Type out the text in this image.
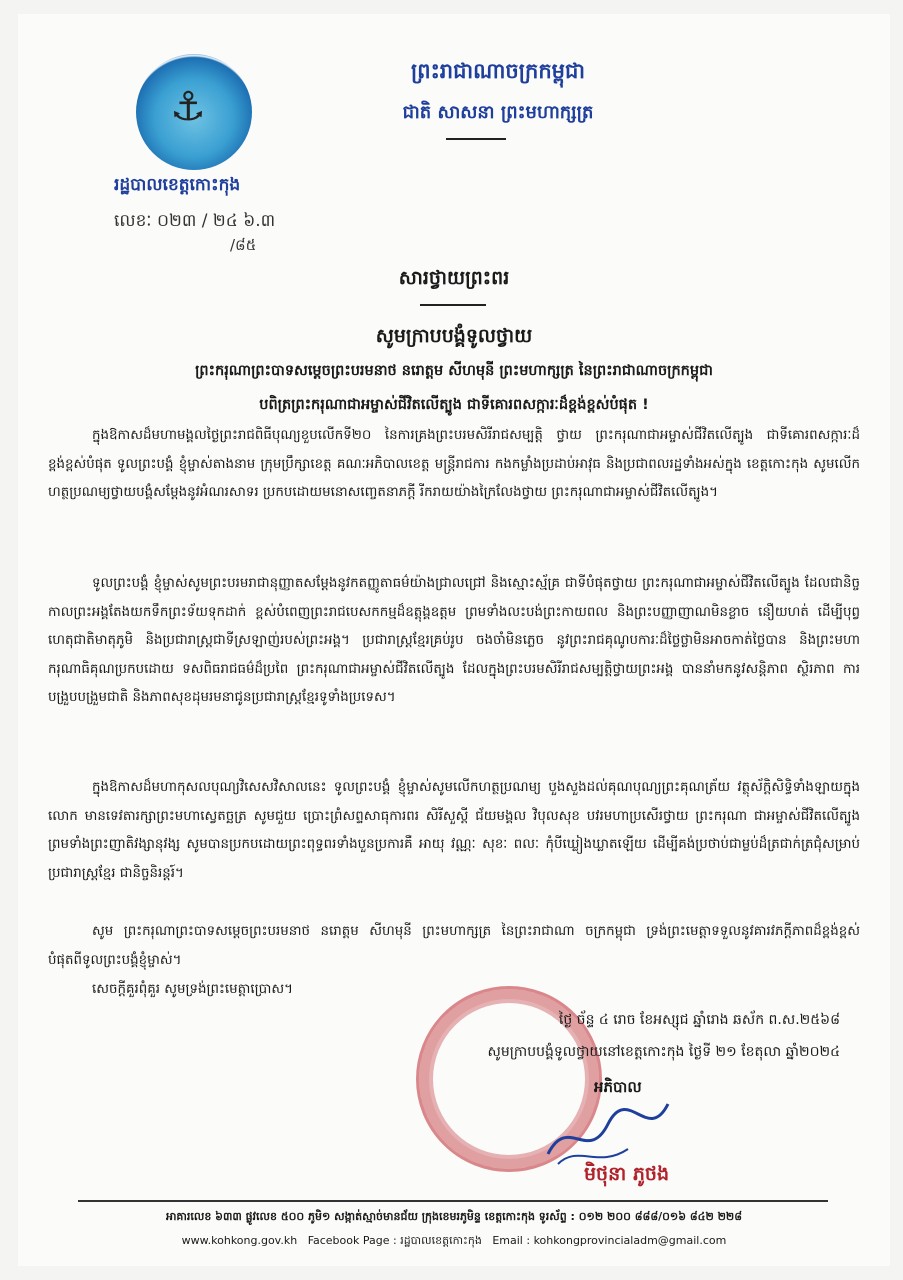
⚓
ព្រះរាជាណាចក្រកម្ពុជា
ជាតិ សាសនា ព្រះមហាក្សត្រ
រដ្ឋបាលខេត្តកោះកុង
លេខៈ ០២៣ / ២៤ ៦.៣
/៨៥
សារថ្វាយព្រះពរ
សូមក្រាបបង្គំទូលថ្វាយ
ព្រះករុណាព្រះបាទសម្តេចព្រះបរមនាថ នរោត្តម សីហមុនី ព្រះមហាក្សត្រ នៃព្រះរាជាណាចក្រកម្ពុជា
បពិត្រព្រះករុណាជាអម្ចាស់ជីវិតលើត្បូង ជាទីគោរពសក្ការៈដ៏ខ្ពង់ខ្ពស់បំផុត !
ក្នុងឱកាសដ៏មហាមង្គលថ្ងៃព្រះរាជពិធីបុណ្យខួបលើកទី២០ នៃការគ្រងព្រះបរមសិរីរាជសម្បត្តិ ថ្វាយ ព្រះករុណាជាអម្ចាស់ជីវិតលើត្បូង ជាទីគោរពសក្ការៈដ៏ខ្ពង់ខ្ពស់បំផុត ទូលព្រះបង្គំ ខ្ញុំម្ចាស់តាងនាម ក្រុមប្រឹក្សាខេត្ត គណៈអភិបាលខេត្ត មន្ត្រីរាជការ កងកម្លាំងប្រដាប់អាវុធ និងប្រជាពលរដ្ឋទាំងអស់ក្នុង ខេត្តកោះកុង សូមលើកហត្ថប្រណម្យថ្វាយបង្គំសម្តែងនូវអំណរសាទរ ប្រកបដោយមនោសញ្ចេតនាភក្ដី រីករាយយ៉ាងក្រៃលែងថ្វាយ ព្រះករុណាជាអម្ចាស់ជីវិតលើត្បូង។
ទូលព្រះបង្គំ ខ្ញុំម្ចាស់សូមព្រះបរមរាជានុញ្ញាតសម្តែងនូវកតញ្ញូតាធម៌យ៉ាងជ្រាលជ្រៅ និងស្មោះស្ម័គ្រ ជាទីបំផុតថ្វាយ ព្រះករុណាជាអម្ចាស់ជីវិតលើត្បូង ដែលជានិច្ចកាលព្រះអង្គតែងយកទឹកព្រះទ័យទុកដាក់ ខ្ពស់បំពេញព្រះរាជបេសកកម្មដ៏ឧត្តុង្គឧត្តម ព្រមទាំងលះបង់ព្រះកាយពល និងព្រះបញ្ញាញាណមិនខ្លាច នឿយហត់ ដើម្បីបុព្វហេតុជាតិមាតុភូមិ និងប្រជារាស្ត្រជាទីស្រឡាញ់របស់ព្រះអង្គ។ ប្រជារាស្ត្រខ្មែរគ្រប់រូប ចងចាំមិនភ្លេច នូវព្រះរាជគុណូបការៈដ៏ថ្លៃថ្លាមិនអាចកាត់ថ្លៃបាន និងព្រះមហាករុណាធិគុណប្រកបដោយ ទសពិធរាជធម៌ដ៏ប្រពៃ ព្រះករុណាជាអម្ចាស់ជីវិតលើត្បូង ដែលក្នុងព្រះបរមសិរីរាជសម្បត្តិថ្វាយព្រះអង្គ បាននាំមកនូវសន្តិភាព ស្ថិរភាព ការបង្រួបបង្រួមជាតិ និងភាពសុខដុមរមនាជូនប្រជារាស្ត្រខ្មែរទូទាំងប្រទេស។
ក្នុងឱកាសដ៏មហាកុសលបុណ្យវិសេសវិសាលនេះ ទូលព្រះបង្គំ ខ្ញុំម្ចាស់សូមលើកហត្ថប្រណម្យ បួងសួងដល់គុណបុណ្យព្រះគុណត្រ័យ វត្ថុស័ក្តិសិទ្ធិទាំងឡាយក្នុងលោក មានទេវតារក្សាព្រះមហាស្វេតច្ឆត្រ សូមជួយ ប្រោះព្រំសព្ទសាធុការពរ សិរីសួស្តី ជ័យមង្គល វិបុលសុខ បវរមហាប្រសើរថ្វាយ ព្រះករុណា ជាអម្ចាស់ជីវិតលើត្បូង ព្រមទាំងព្រះញាតិវង្សានុវង្ស សូមបានប្រកបដោយព្រះពុទ្ធពរទាំងបួនប្រការគឺ អាយុ វណ្ណៈ សុខៈ ពលៈ កុំបីឃ្លៀងឃ្លាតឡើយ ដើម្បីគង់ប្រថាប់ជាម្លប់ដ៏ត្រជាក់ត្រជុំសម្រាប់ប្រជារាស្ត្រខ្មែរ ជានិច្ចនិរន្តរ៍។
សូម ព្រះករុណាព្រះបាទសម្តេចព្រះបរមនាថ នរោត្តម សីហមុនី ព្រះមហាក្សត្រ នៃព្រះរាជាណា ចក្រកម្ពុជា ទ្រង់ព្រះមេត្តាទទួលនូវគារវភក្តីភាពដ៏ខ្ពង់ខ្ពស់បំផុតពីទូលព្រះបង្គំខ្ញុំម្ចាស់។
សេចក្ដីគួរពុំគួរ សូមទ្រង់ព្រះមេត្តាប្រោស។
ថ្ងៃ ច័ន្ទ ៤ រោច ខែអស្សុជ ឆ្នាំរោង ឆស័ក ព.ស.២៥៦៨
សូមក្រាបបង្គំទូលថ្វាយនៅខេត្តកោះកុង ថ្ងៃទី ២១ ខែតុលា ឆ្នាំ២០២៤
អភិបាល
មិថុនា ភូថង
អាគារលេខ ៦៣៣ ផ្លូវលេខ ៥០០ ភូមិ១ សង្កាត់ស្មាច់មានជ័យ ក្រុងខេមរភូមិន្ទ ខេត្តកោះកុង ទូរស័ព្ទ : ០១២ ២០០ ៨៨៨/០១៦ ៨៤២ ២២៨
www.kohkong.gov.kh Facebook Page : រដ្ឋបាលខេត្តកោះកុង Email : kohkongprovincialadm@gmail.com
